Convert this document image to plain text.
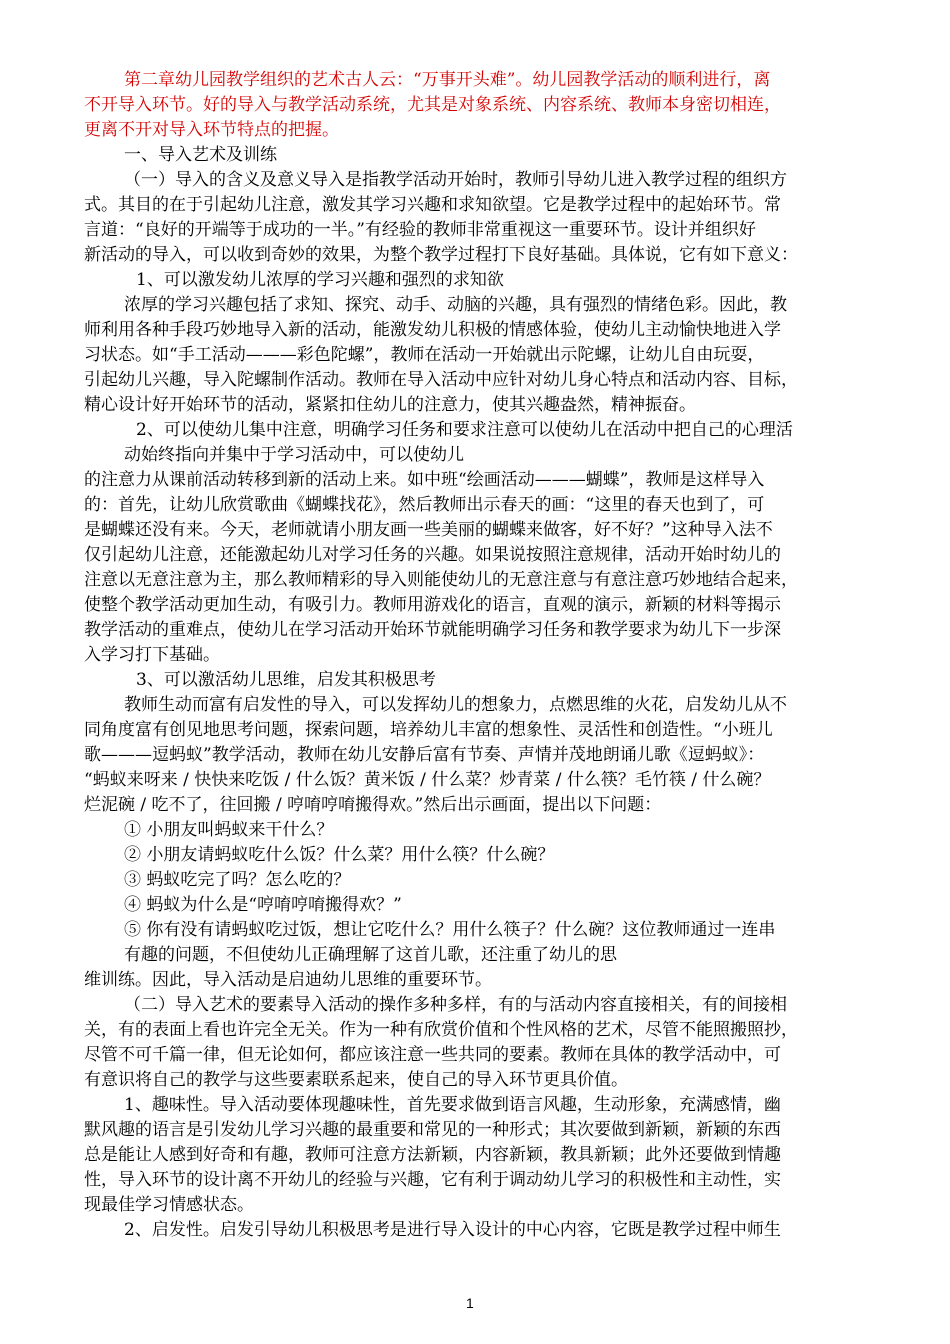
第二章幼儿园教学组织的艺术古人云：“万事开头难”。幼儿园教学活动的顺利进行，离
不开导入环节。好的导入与教学活动系统，尤其是对象系统、内容系统、教师本身密切相连，
更离不开对导入环节特点的把握。
一、导入艺术及训练
（一）导入的含义及意义导入是指教学活动开始时，教师引导幼儿进入教学过程的组织方
式。其目的在于引起幼儿注意，激发其学习兴趣和求知欲望。它是教学过程中的起始环节。常
言道：“良好的开端等于成功的一半。”有经验的教师非常重视这一重要环节。设计并组织好
新活动的导入，可以收到奇妙的效果，为整个教学过程打下良好基础。具体说，它有如下意义：
1、可以激发幼儿浓厚的学习兴趣和强烈的求知欲
浓厚的学习兴趣包括了求知、探究、动手、动脑的兴趣，具有强烈的情绪色彩。因此，教
师利用各种手段巧妙地导入新的活动，能激发幼儿积极的情感体验，使幼儿主动愉快地进入学
习状态。如“手工活动———彩色陀螺”，教师在活动一开始就出示陀螺，让幼儿自由玩耍，
引起幼儿兴趣，导入陀螺制作活动。教师在导入活动中应针对幼儿身心特点和活动内容、目标，
精心设计好开始环节的活动，紧紧扣住幼儿的注意力，使其兴趣盎然，精神振奋。
2、可以使幼儿集中注意，明确学习任务和要求注意可以使幼儿在活动中把自己的心理活
动始终指向并集中于学习活动中，可以使幼儿
的注意力从课前活动转移到新的活动上来。如中班“绘画活动———蝴蝶”，教师是这样导入
的：首先，让幼儿欣赏歌曲《蝴蝶找花》，然后教师出示春天的画：“这里的春天也到了，可
是蝴蝶还没有来。今天，老师就请小朋友画一些美丽的蝴蝶来做客，好不好？”这种导入法不
仅引起幼儿注意，还能激起幼儿对学习任务的兴趣。如果说按照注意规律，活动开始时幼儿的
注意以无意注意为主，那么教师精彩的导入则能使幼儿的无意注意与有意注意巧妙地结合起来，
使整个教学活动更加生动，有吸引力。教师用游戏化的语言，直观的演示，新颖的材料等揭示
教学活动的重难点，使幼儿在学习活动开始环节就能明确学习任务和教学要求为幼儿下一步深
入学习打下基础。
3、可以激活幼儿思维，启发其积极思考
教师生动而富有启发性的导入，可以发挥幼儿的想象力，点燃思维的火花，启发幼儿从不
同角度富有创见地思考问题，探索问题，培养幼儿丰富的想象性、灵活性和创造性。“小班儿
歌———逗蚂蚁”教学活动，教师在幼儿安静后富有节奏、声情并茂地朗诵儿歌《逗蚂蚁》：
“蚂蚁来呀来 / 快快来吃饭 / 什么饭？黄米饭 / 什么菜？炒青菜 / 什么筷？毛竹筷 / 什么碗？
烂泥碗 / 吃不了，往回搬 / 哼唷哼唷搬得欢。”然后出示画面，提出以下问题：
① 小朋友叫蚂蚁来干什么？
② 小朋友请蚂蚁吃什么饭？什么菜？用什么筷？什么碗？
③ 蚂蚁吃完了吗？怎么吃的？
④ 蚂蚁为什么是“哼唷哼唷搬得欢？”
⑤ 你有没有请蚂蚁吃过饭，想让它吃什么？用什么筷子？什么碗？这位教师通过一连串
有趣的问题，不但使幼儿正确理解了这首儿歌，还注重了幼儿的思
维训练。因此，导入活动是启迪幼儿思维的重要环节。
（二）导入艺术的要素导入活动的操作多种多样，有的与活动内容直接相关，有的间接相
关，有的表面上看也许完全无关。作为一种有欣赏价值和个性风格的艺术，尽管不能照搬照抄，
尽管不可千篇一律，但无论如何，都应该注意一些共同的要素。教师在具体的教学活动中，可
有意识将自己的教学与这些要素联系起来，使自己的导入环节更具价值。
1、趣味性。导入活动要体现趣味性，首先要求做到语言风趣，生动形象，充满感情，幽
默风趣的语言是引发幼儿学习兴趣的最重要和常见的一种形式；其次要做到新颖，新颖的东西
总是能让人感到好奇和有趣，教师可注意方法新颖，内容新颖，教具新颖；此外还要做到情趣
性，导入环节的设计离不开幼儿的经验与兴趣，它有利于调动幼儿学习的积极性和主动性，实
现最佳学习情感状态。
2、启发性。启发引导幼儿积极思考是进行导入设计的中心内容，它既是教学过程中师生
1
